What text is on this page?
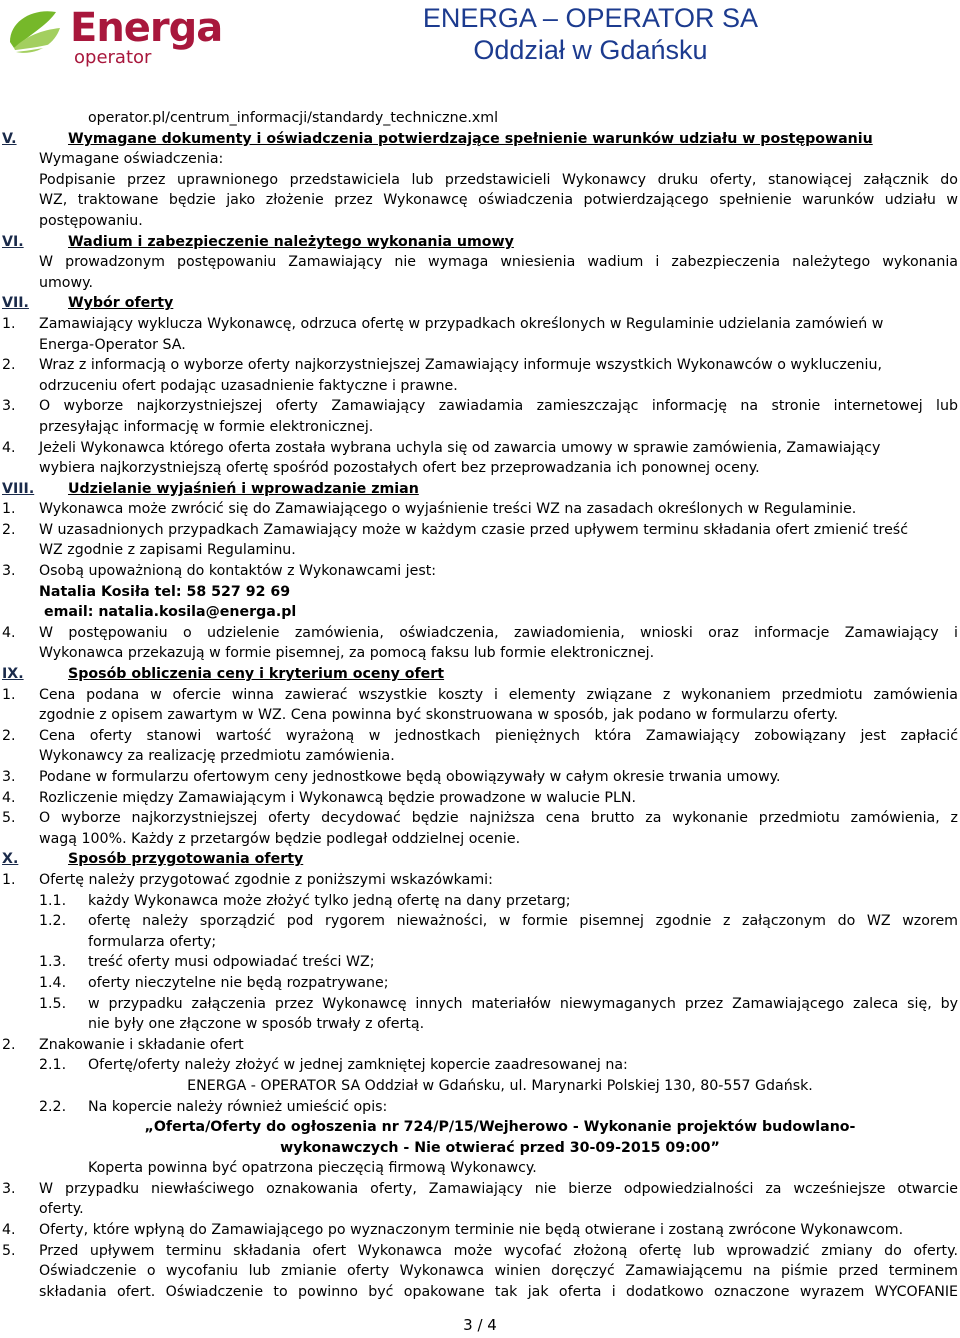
Energa
operator
ENERGA – OPERATOR SA
Oddział w Gdańsku
operator.pl/centrum_informacji/standardy_techniczne.xml
V.	Wymagane dokumenty i oświadczenia potwierdzające spełnienie warunków udziału w postępowaniu
Wymagane oświadczenia:
Podpisanie przez uprawnionego przedstawiciela lub przedstawicieli Wykonawcy druku oferty, stanowiącej załącznik do
WZ, traktowane będzie jako złożenie przez Wykonawcę oświadczenia potwierdzającego spełnienie warunków udziału w
postępowaniu.
VI.	Wadium i zabezpieczenie należytego wykonania umowy
W prowadzonym postępowaniu Zamawiający nie wymaga wniesienia wadium i zabezpieczenia należytego wykonania
umowy.
VII.	Wybór oferty
1. Zamawiający wyklucza Wykonawcę, odrzuca ofertę w przypadkach określonych w Regulaminie udzielania zamówień w
Energa-Operator SA.
2. Wraz z informacją o wyborze oferty najkorzystniejszej Zamawiający informuje wszystkich Wykonawców o wykluczeniu,
odrzuceniu ofert podając uzasadnienie faktyczne i prawne.
3. O wyborze najkorzystniejszej oferty Zamawiający zawiadamia zamieszczając informację na stronie internetowej lub
przesyłając informację w formie elektronicznej.
4. Jeżeli Wykonawca którego oferta została wybrana uchyla się od zawarcia umowy w sprawie zamówienia, Zamawiający
wybiera najkorzystniejszą ofertę spośród pozostałych ofert bez przeprowadzania ich ponownej oceny.
VIII. Udzielanie wyjaśnień i wprowadzanie zmian
1. Wykonawca może zwrócić się do Zamawiającego o wyjaśnienie treści WZ na zasadach określonych w Regulaminie.
2. W uzasadnionych przypadkach Zamawiający może w każdym czasie przed upływem terminu składania ofert zmienić treść
WZ zgodnie z zapisami Regulaminu.
3. Osobą upoważnioną do kontaktów z Wykonawcami jest:
Natalia Kosiła tel: 58 527 92 69
email: natalia.kosila@energa.pl
4. W postępowaniu o udzielenie zamówienia, oświadczenia, zawiadomienia, wnioski oraz informacje Zamawiający i
Wykonawca przekazują w formie pisemnej, za pomocą faksu lub formie elektronicznej.
IX.	Sposób obliczenia ceny i kryterium oceny ofert
1. Cena podana w ofercie winna zawierać wszystkie koszty i elementy związane z wykonaniem przedmiotu zamówienia
zgodnie z opisem zawartym w WZ. Cena powinna być skonstruowana w sposób, jak podano w formularzu oferty.
2. Cena oferty stanowi wartość wyrażoną w jednostkach pieniężnych która Zamawiający zobowiązany jest zapłacić
Wykonawcy za realizację przedmiotu zamówienia.
3. Podane w formularzu ofertowym ceny jednostkowe będą obowiązywały w całym okresie trwania umowy.
4. Rozliczenie między Zamawiającym i Wykonawcą będzie prowadzone w walucie PLN.
5. O wyborze najkorzystniejszej oferty decydować będzie najniższa cena brutto za wykonanie przedmiotu zamówienia, z
wagą 100%. Każdy z przetargów będzie podlegał oddzielnej ocenie.
X.	Sposób przygotowania oferty
1. Ofertę należy przygotować zgodnie z poniższymi wskazówkami:
1.1. każdy Wykonawca może złożyć tylko jedną ofertę na dany przetarg;
1.2. ofertę należy sporządzić pod rygorem nieważności, w formie pisemnej zgodnie z załączonym do WZ wzorem
formularza oferty;
1.3. treść oferty musi odpowiadać treści WZ;
1.4. oferty nieczytelne nie będą rozpatrywane;
1.5. w przypadku załączenia przez Wykonawcę innych materiałów niewymaganych przez Zamawiającego zaleca się, by
nie były one złączone w sposób trwały z ofertą.
2. Znakowanie i składanie ofert
2.1. Ofertę/oferty należy złożyć w jednej zamkniętej kopercie zaadresowanej na:
ENERGA - OPERATOR SA Oddział w Gdańsku, ul. Marynarki Polskiej 130, 80-557 Gdańsk.
2.2. Na kopercie należy również umieścić opis:
„Oferta/Oferty do ogłoszenia nr 724/P/15/Wejherowo - Wykonanie projektów budowlano-
wykonawczych - Nie otwierać przed 30-09-2015 09:00”
Koperta powinna być opatrzona pieczęcią firmową Wykonawcy.
3. W przypadku niewłaściwego oznakowania oferty, Zamawiający nie bierze odpowiedzialności za wcześniejsze otwarcie
oferty.
4. Oferty, które wpłyną do Zamawiającego po wyznaczonym terminie nie będą otwierane i zostaną zwrócone Wykonawcom.
5. Przed upływem terminu składania ofert Wykonawca może wycofać złożoną ofertę lub wprowadzić zmiany do oferty.
Oświadczenie o wycofaniu lub zmianie oferty Wykonawca winien doręczyć Zamawiającemu na piśmie przed terminem
składania ofert. Oświadczenie to powinno być opakowane tak jak oferta i dodatkowo oznaczone wyrazem WYCOFANIE
3 / 4
